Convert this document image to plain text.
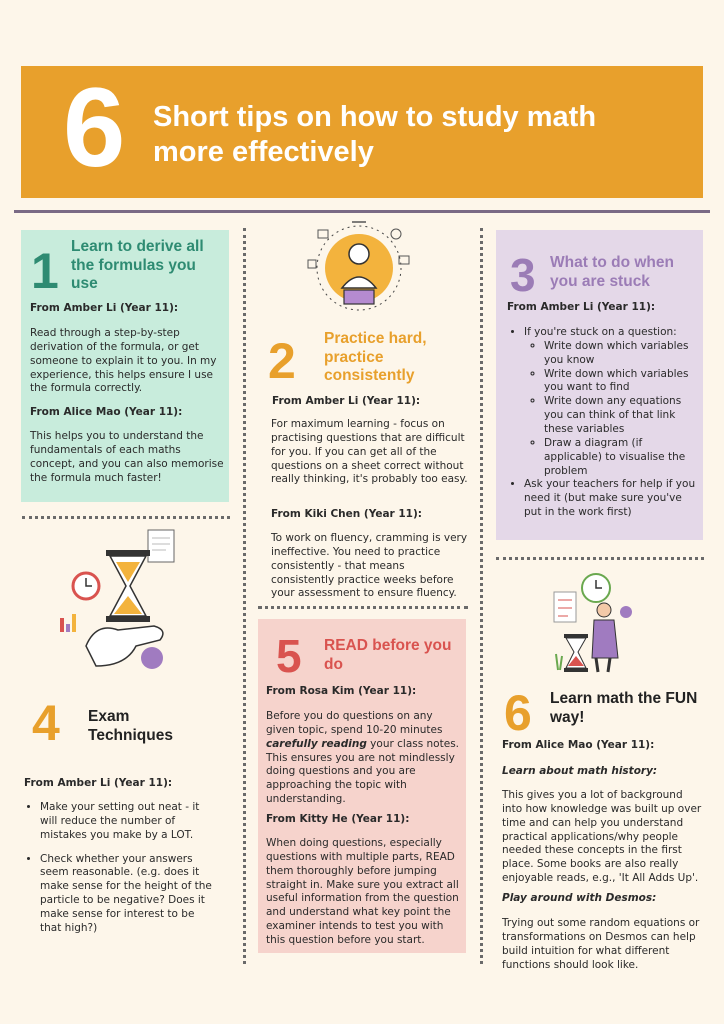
6 Short tips on how to study math more effectively
1 Learn to derive all the formulas you use
From Amber Li (Year 11):
Read through a step-by-step derivation of the formula, or get someone to explain it to you. In my experience, this helps ensure I use the formula correctly.
From Alice Mao (Year 11):
This helps you to understand the fundamentals of each maths concept, and you can also memorise the formula much faster!
2 Practice hard, practice consistently
From Amber Li (Year 11):
For maximum learning - focus on practising questions that are difficult for you. If you can get all of the questions on a sheet correct without really thinking, it's probably too easy.
From Kiki Chen (Year 11):
To work on fluency, cramming is very ineffective. You need to practice consistently - that means consistently practice weeks before your assessment to ensure fluency.
3 What to do when you are stuck
From Amber Li (Year 11):
• If you're stuck on a question:
◦ Write down which variables you know
◦ Write down which variables you want to find
◦ Write down any equations you can think of that link these variables
◦ Draw a diagram (if applicable) to visualise the problem
• Ask your teachers for help if you need it (but make sure you've put in the work first)
4 Exam Techniques
From Amber Li (Year 11):
• Make your setting out neat - it will reduce the number of mistakes you make by a LOT.
• Check whether your answers seem reasonable. (e.g. does it make sense for the height of the particle to be negative? Does it make sense for interest to be that high?)
5 READ before you do
From Rosa Kim (Year 11):
Before you do questions on any given topic, spend 10-20 minutes carefully reading your class notes. This ensures you are not mindlessly doing questions and you are approaching the topic with understanding.
From Kitty He (Year 11):
When doing questions, especially questions with multiple parts, READ them thoroughly before jumping straight in. Make sure you extract all useful information from the question and understand what key point the examiner intends to test you with this question before you start.
6 Learn math the FUN way!
From Alice Mao (Year 11):
Learn about math history:
This gives you a lot of background into how knowledge was built up over time and can help you understand practical applications/why people needed these concepts in the first place. Some books are also really enjoyable reads, e.g., 'It All Adds Up'.
Play around with Desmos:
Trying out some random equations or transformations on Desmos can help build intuition for what different functions should look like.
